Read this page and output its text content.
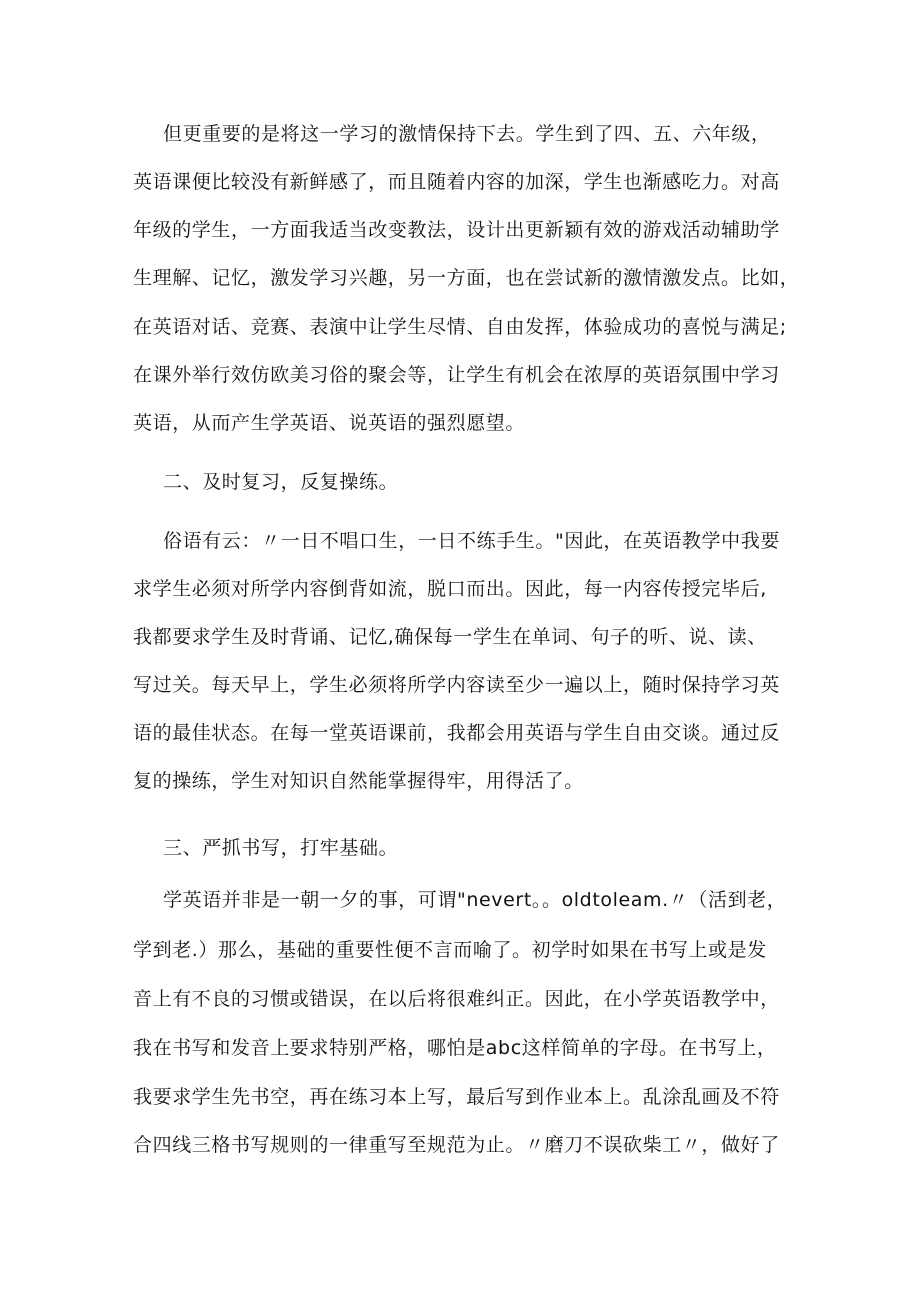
但更重要的是将这一学习的激情保持下去。学生到了四、五、六年级，
英语课便比较没有新鲜感了，而且随着内容的加深，学生也渐感吃力。对高
年级的学生，一方面我适当改变教法，设计出更新颖有效的游戏活动辅助学
生理解、记忆，激发学习兴趣，另一方面，也在尝试新的激情激发点。比如，
在英语对话、竞赛、表演中让学生尽情、自由发挥，体验成功的喜悦与满足;
在课外举行效仿欧美习俗的聚会等，让学生有机会在浓厚的英语氛围中学习
英语，从而产生学英语、说英语的强烈愿望。
二、及时复习，反复操练。
俗语有云：〃一日不唱口生，一日不练手生。"因此，在英语教学中我要
求学生必须对所学内容倒背如流，脱口而出。因此，每一内容传授完毕后,
我都要求学生及时背诵、记忆,确保每一学生在单词、句子的听、说、读、
写过关。每天早上，学生必须将所学内容读至少一遍以上，随时保持学习英
语的最佳状态。在每一堂英语课前，我都会用英语与学生自由交谈。通过反
复的操练，学生对知识自然能掌握得牢，用得活了。
三、严抓书写，打牢基础。
学英语并非是一朝一夕的事，可谓"nevert。。oldtoleam.〃（活到老，
学到老.）那么，基础的重要性便不言而喻了。初学时如果在书写上或是发
音上有不良的习惯或错误，在以后将很难纠正。因此，在小学英语教学中，
我在书写和发音上要求特别严格，哪怕是abc这样简单的字母。在书写上，
我要求学生先书空，再在练习本上写，最后写到作业本上。乱涂乱画及不符
合四线三格书写规则的一律重写至规范为止。〃磨刀不误砍柴工〃，做好了
